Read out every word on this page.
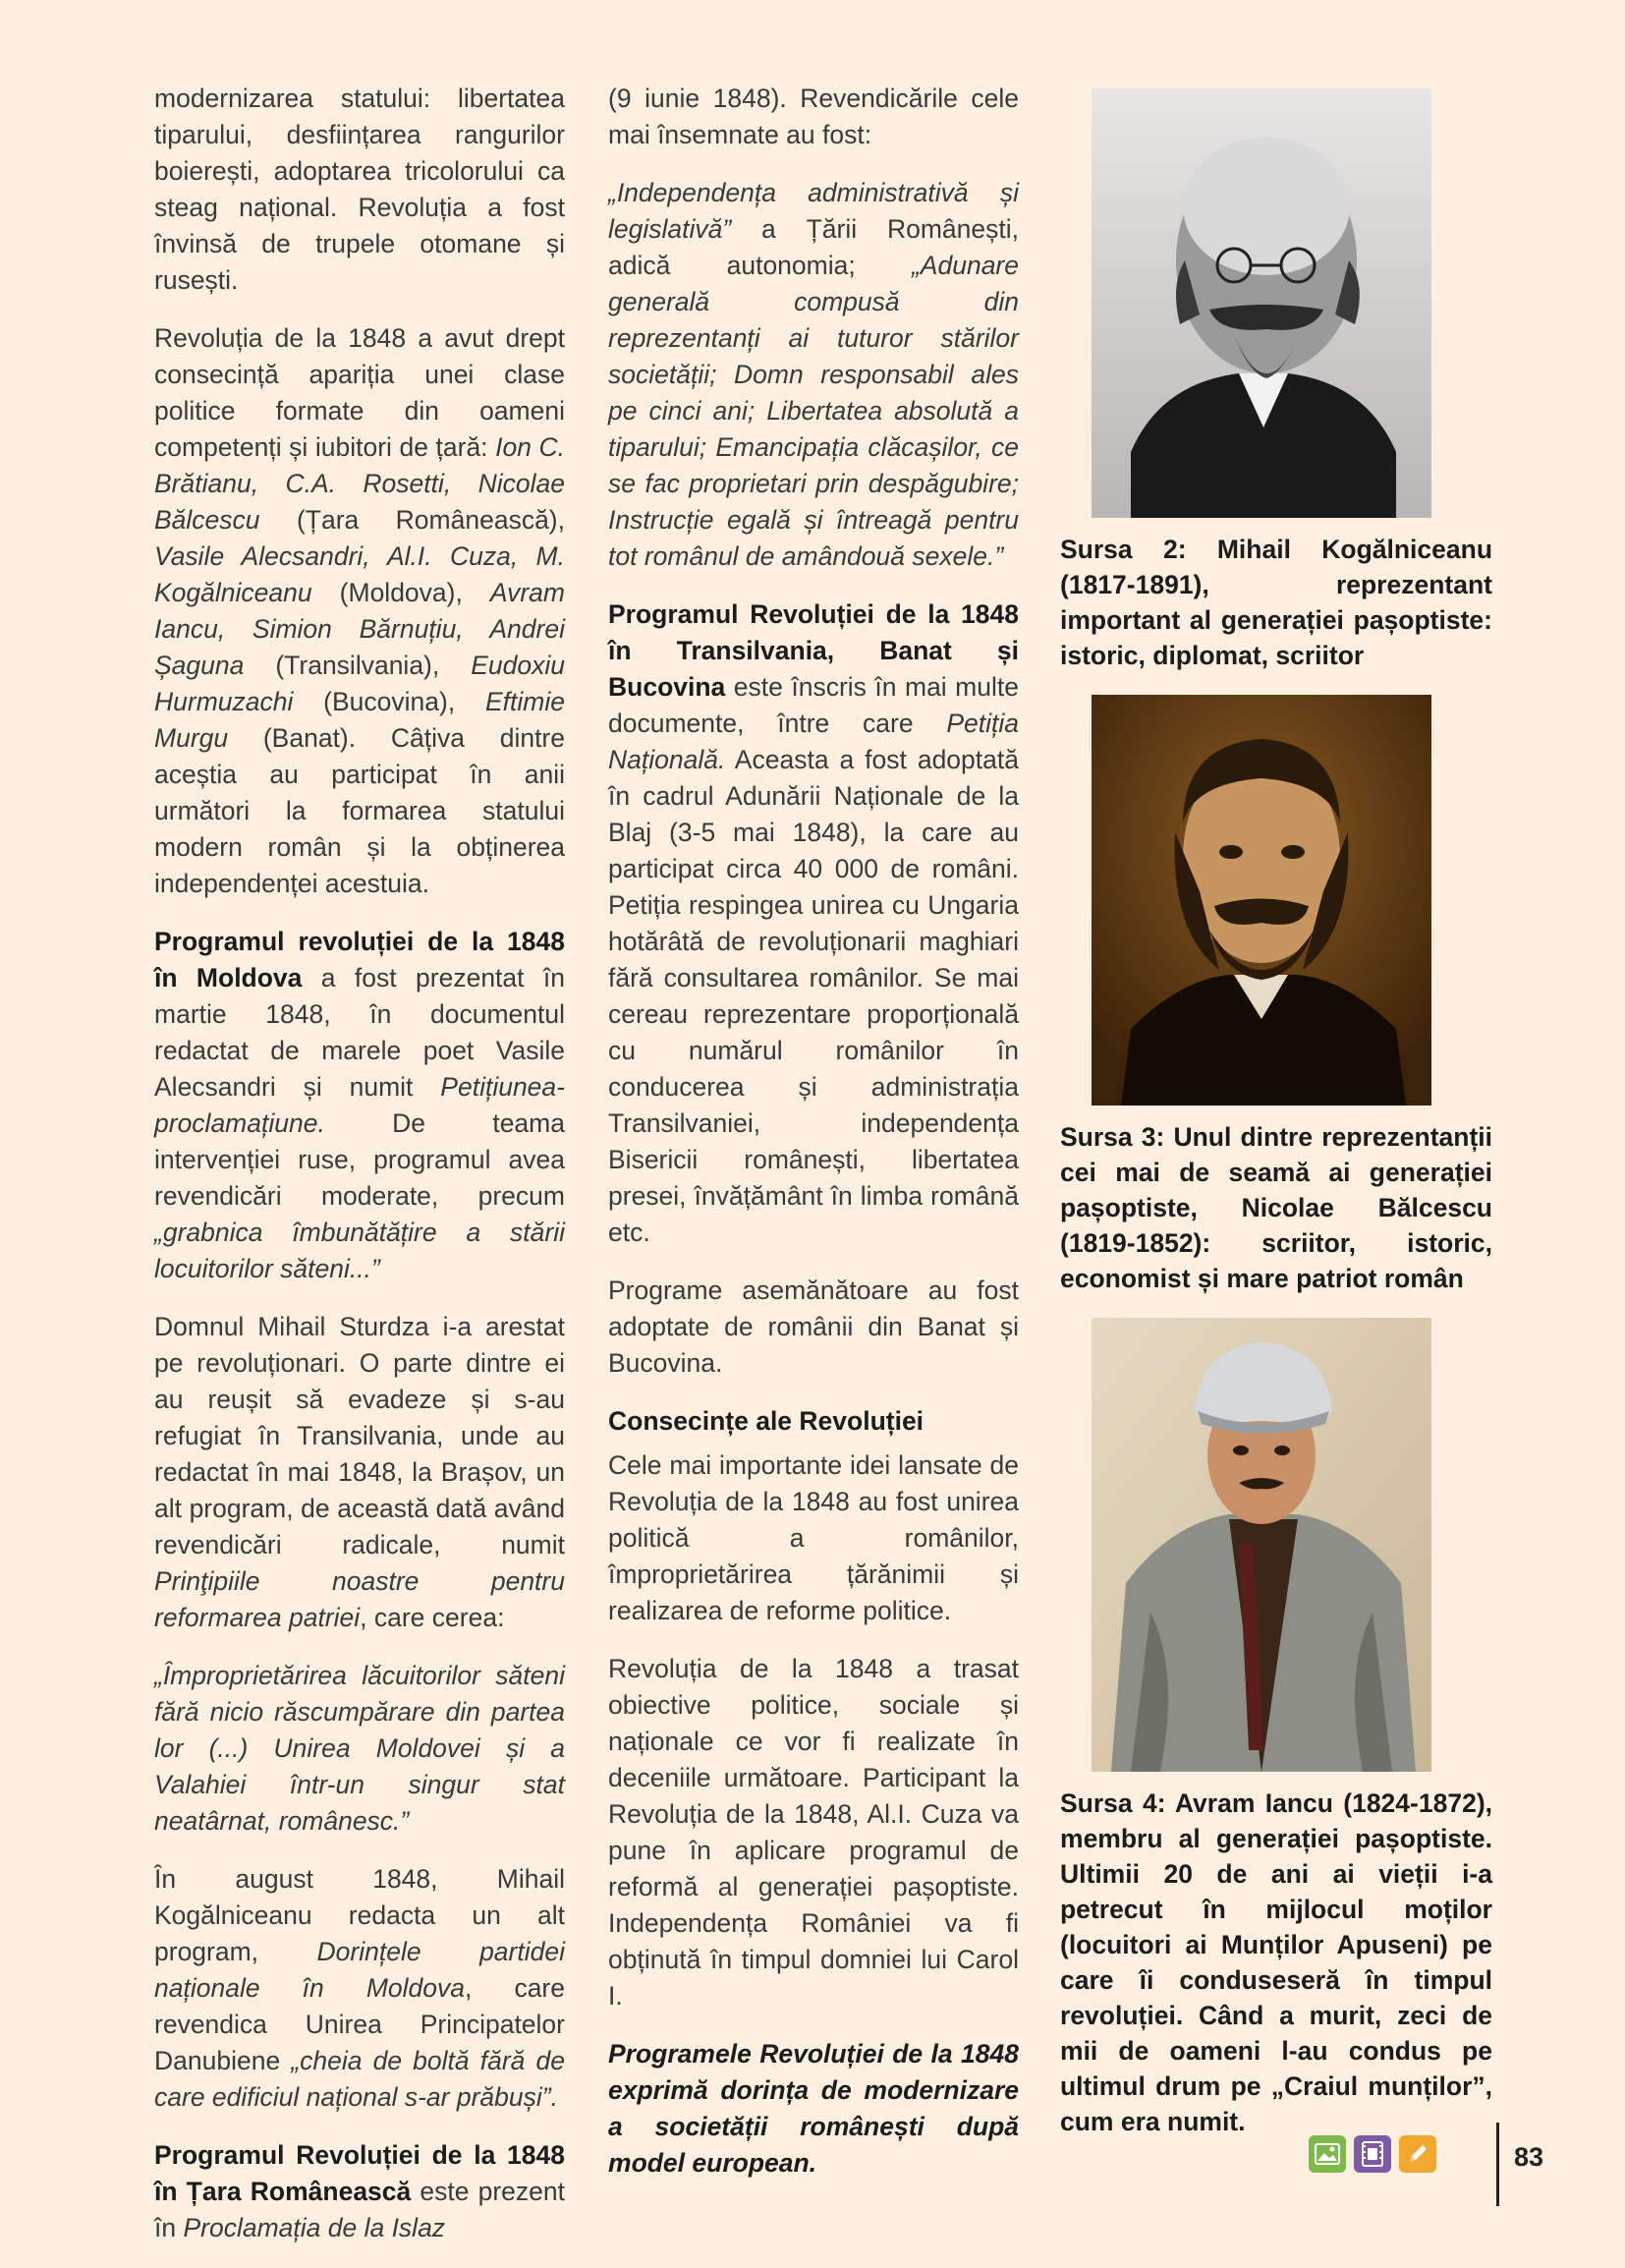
modernizarea statului: libertatea tiparului, desființarea rangurilor boierești, adoptarea tricolorului ca steag național. Revoluția a fost învinsă de trupele otomane și rusești.

Revoluția de la 1848 a avut drept consecință apariția unei clase politice formate din oameni competenți și iubitori de țară: Ion C. Brătianu, C.A. Rosetti, Nicolae Bălcescu (Țara Românească), Vasile Alecsandri, Al.I. Cuza, M. Kogălniceanu (Moldova), Avram Iancu, Simion Bărnuțiu, Andrei Șaguna (Transilvania), Eudoxiu Hurmuzachi (Bucovina), Eftimie Murgu (Banat). Câțiva dintre aceștia au participat în anii următori la formarea statului modern român și la obținerea independenței acestuia.

Programul revoluției de la 1848 în Moldova a fost prezentat în martie 1848, în documentul redactat de marele poet Vasile Alecsandri și numit Petițiunea-proclamațiune. De teama intervenției ruse, programul avea revendicări moderate, precum „grabnica îmbunătățire a stării locuitorilor săteni...”

Domnul Mihail Sturdza i-a arestat pe revoluționari. O parte dintre ei au reușit să evadeze și s-au refugiat în Transilvania, unde au redactat în mai 1848, la Brașov, un alt program, de această dată având revendicări radicale, numit Prinţipiile noastre pentru reformarea patriei, care cerea:

„Împroprietărirea lăcuitorilor săteni fără nicio răscumpărare din partea lor (...) Unirea Moldovei și a Valahiei într-un singur stat neatârnat, românesc.”

În august 1848, Mihail Kogălniceanu redacta un alt program, Dorințele partidei naționale în Moldova, care revendica Unirea Principatelor Danubiene „cheia de boltă fără de care edificiul național s-ar prăbuși”.

Programul Revoluției de la 1848 în Țara Românească este prezent în Proclamația de la Islaz

(9 iunie 1848). Revendicările cele mai însemnate au fost:

„Independența administrativă și legislativă” a Țării Românești, adică autonomia; „Adunare generală compusă din reprezentanți ai tuturor stărilor societății; Domn responsabil ales pe cinci ani; Libertatea absolută a tiparului; Emancipația clăcașilor, ce se fac proprietari prin despăgubire; Instrucție egală și întreagă pentru tot românul de amândouă sexele.”

Programul Revoluției de la 1848 în Transilvania, Banat și Bucovina este înscris în mai multe documente, între care Petiția Națională. Aceasta a fost adoptată în cadrul Adunării Naționale de la Blaj (3-5 mai 1848), la care au participat circa 40 000 de români. Petiția respingea unirea cu Ungaria hotărâtă de revoluționarii maghiari fără consultarea românilor. Se mai cereau reprezentare proporțională cu numărul românilor în conducerea și administrația Transilvaniei, independența Bisericii românești, libertatea presei, învățământ în limba română etc.

Programe asemănătoare au fost adoptate de românii din Banat și Bucovina.

Consecințe ale Revoluției

Cele mai importante idei lansate de Revoluția de la 1848 au fost unirea politică a românilor, împroprietărirea țărănimii și realizarea de reforme politice.

Revoluția de la 1848 a trasat obiective politice, sociale și naționale ce vor fi realizate în deceniile următoare. Participant la Revoluția de la 1848, Al.I. Cuza va pune în aplicare programul de reformă al generației pașoptiste. Independența României va fi obținută în timpul domniei lui Carol I.

Programele Revoluției de la 1848 exprimă dorința de modernizare a societății românești după model european.

Sursa 2: Mihail Kogălniceanu (1817-1891), reprezentant important al generației pașoptiste: istoric, diplomat, scriitor

Sursa 3: Unul dintre reprezentanții cei mai de seamă ai generației pașoptiste, Nicolae Bălcescu (1819-1852): scriitor, istoric, economist și mare patriot român

Sursa 4: Avram Iancu (1824-1872), membru al generației pașoptiste. Ultimii 20 de ani ai vieții i-a petrecut în mijlocul moților (locuitori ai Munților Apuseni) pe care îi conduseseră în timpul revoluției. Când a murit, zeci de mii de oameni l-au condus pe ultimul drum pe „Craiul munților”, cum era numit.

83
